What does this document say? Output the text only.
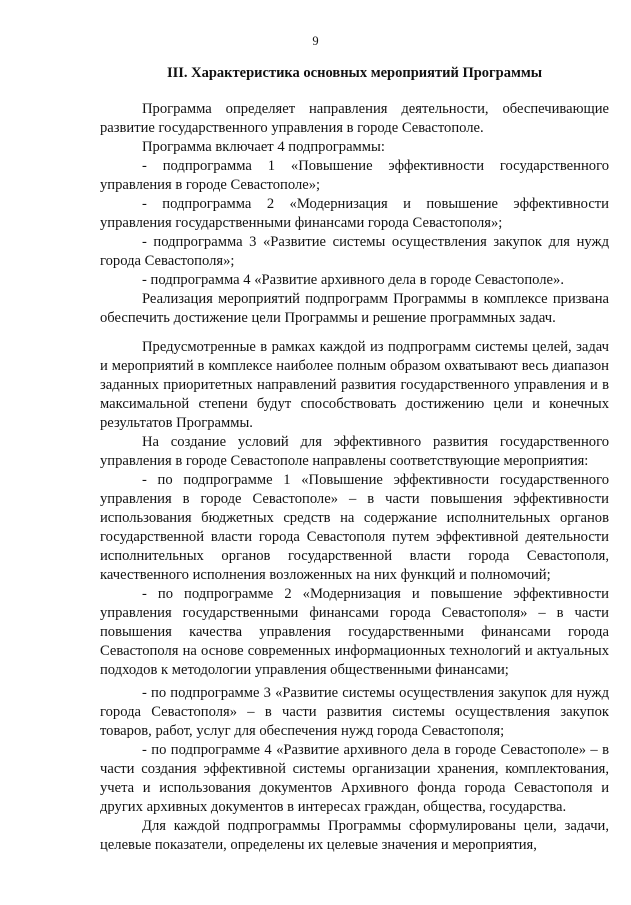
9
III. Характеристика основных мероприятий Программы

Программа определяет направления деятельности, обеспечивающие развитие государственного управления в городе Севастополе.

Программа включает 4 подпрограммы:

- подпрограмма 1 «Повышение эффективности государственного управления в городе Севастополе»;

- подпрограмма 2 «Модернизация и повышение эффективности управления государственными финансами города Севастополя»;

- подпрограмма 3 «Развитие системы осуществления закупок для нужд города Севастополя»;

- подпрограмма 4 «Развитие архивного дела в городе Севастополе».

Реализация мероприятий подпрограмм Программы в комплексе призвана обеспечить достижение цели Программы и решение программных задач.

Предусмотренные в рамках каждой из подпрограмм системы целей, задач и мероприятий в комплексе наиболее полным образом охватывают весь диапазон заданных приоритетных направлений развития государственного управления и в максимальной степени будут способствовать достижению цели и конечных результатов Программы.

На создание условий для эффективного развития государственного управления в городе Севастополе направлены соответствующие мероприятия:

- по подпрограмме 1 «Повышение эффективности государственного управления в городе Севастополе» – в части повышения эффективности использования бюджетных средств на содержание исполнительных органов государственной власти города Севастополя путем эффективной деятельности исполнительных органов государственной власти города Севастополя, качественного исполнения возложенных на них функций и полномочий;

- по подпрограмме 2 «Модернизация и повышение эффективности управления государственными финансами города Севастополя» – в части повышения качества управления государственными финансами города Севастополя на основе современных информационных технологий и актуальных подходов к методологии управления общественными финансами;

- по подпрограмме 3 «Развитие системы осуществления закупок для нужд города Севастополя» – в части развития системы осуществления закупок товаров, работ, услуг для обеспечения нужд города Севастополя;

- по подпрограмме 4 «Развитие архивного дела в городе Севастополе» – в части создания эффективной системы организации хранения, комплектования, учета и использования документов Архивного фонда города Севастополя и других архивных документов в интересах граждан, общества, государства.

Для каждой подпрограммы Программы сформулированы цели, задачи, целевые показатели, определены их целевые значения и мероприятия,
